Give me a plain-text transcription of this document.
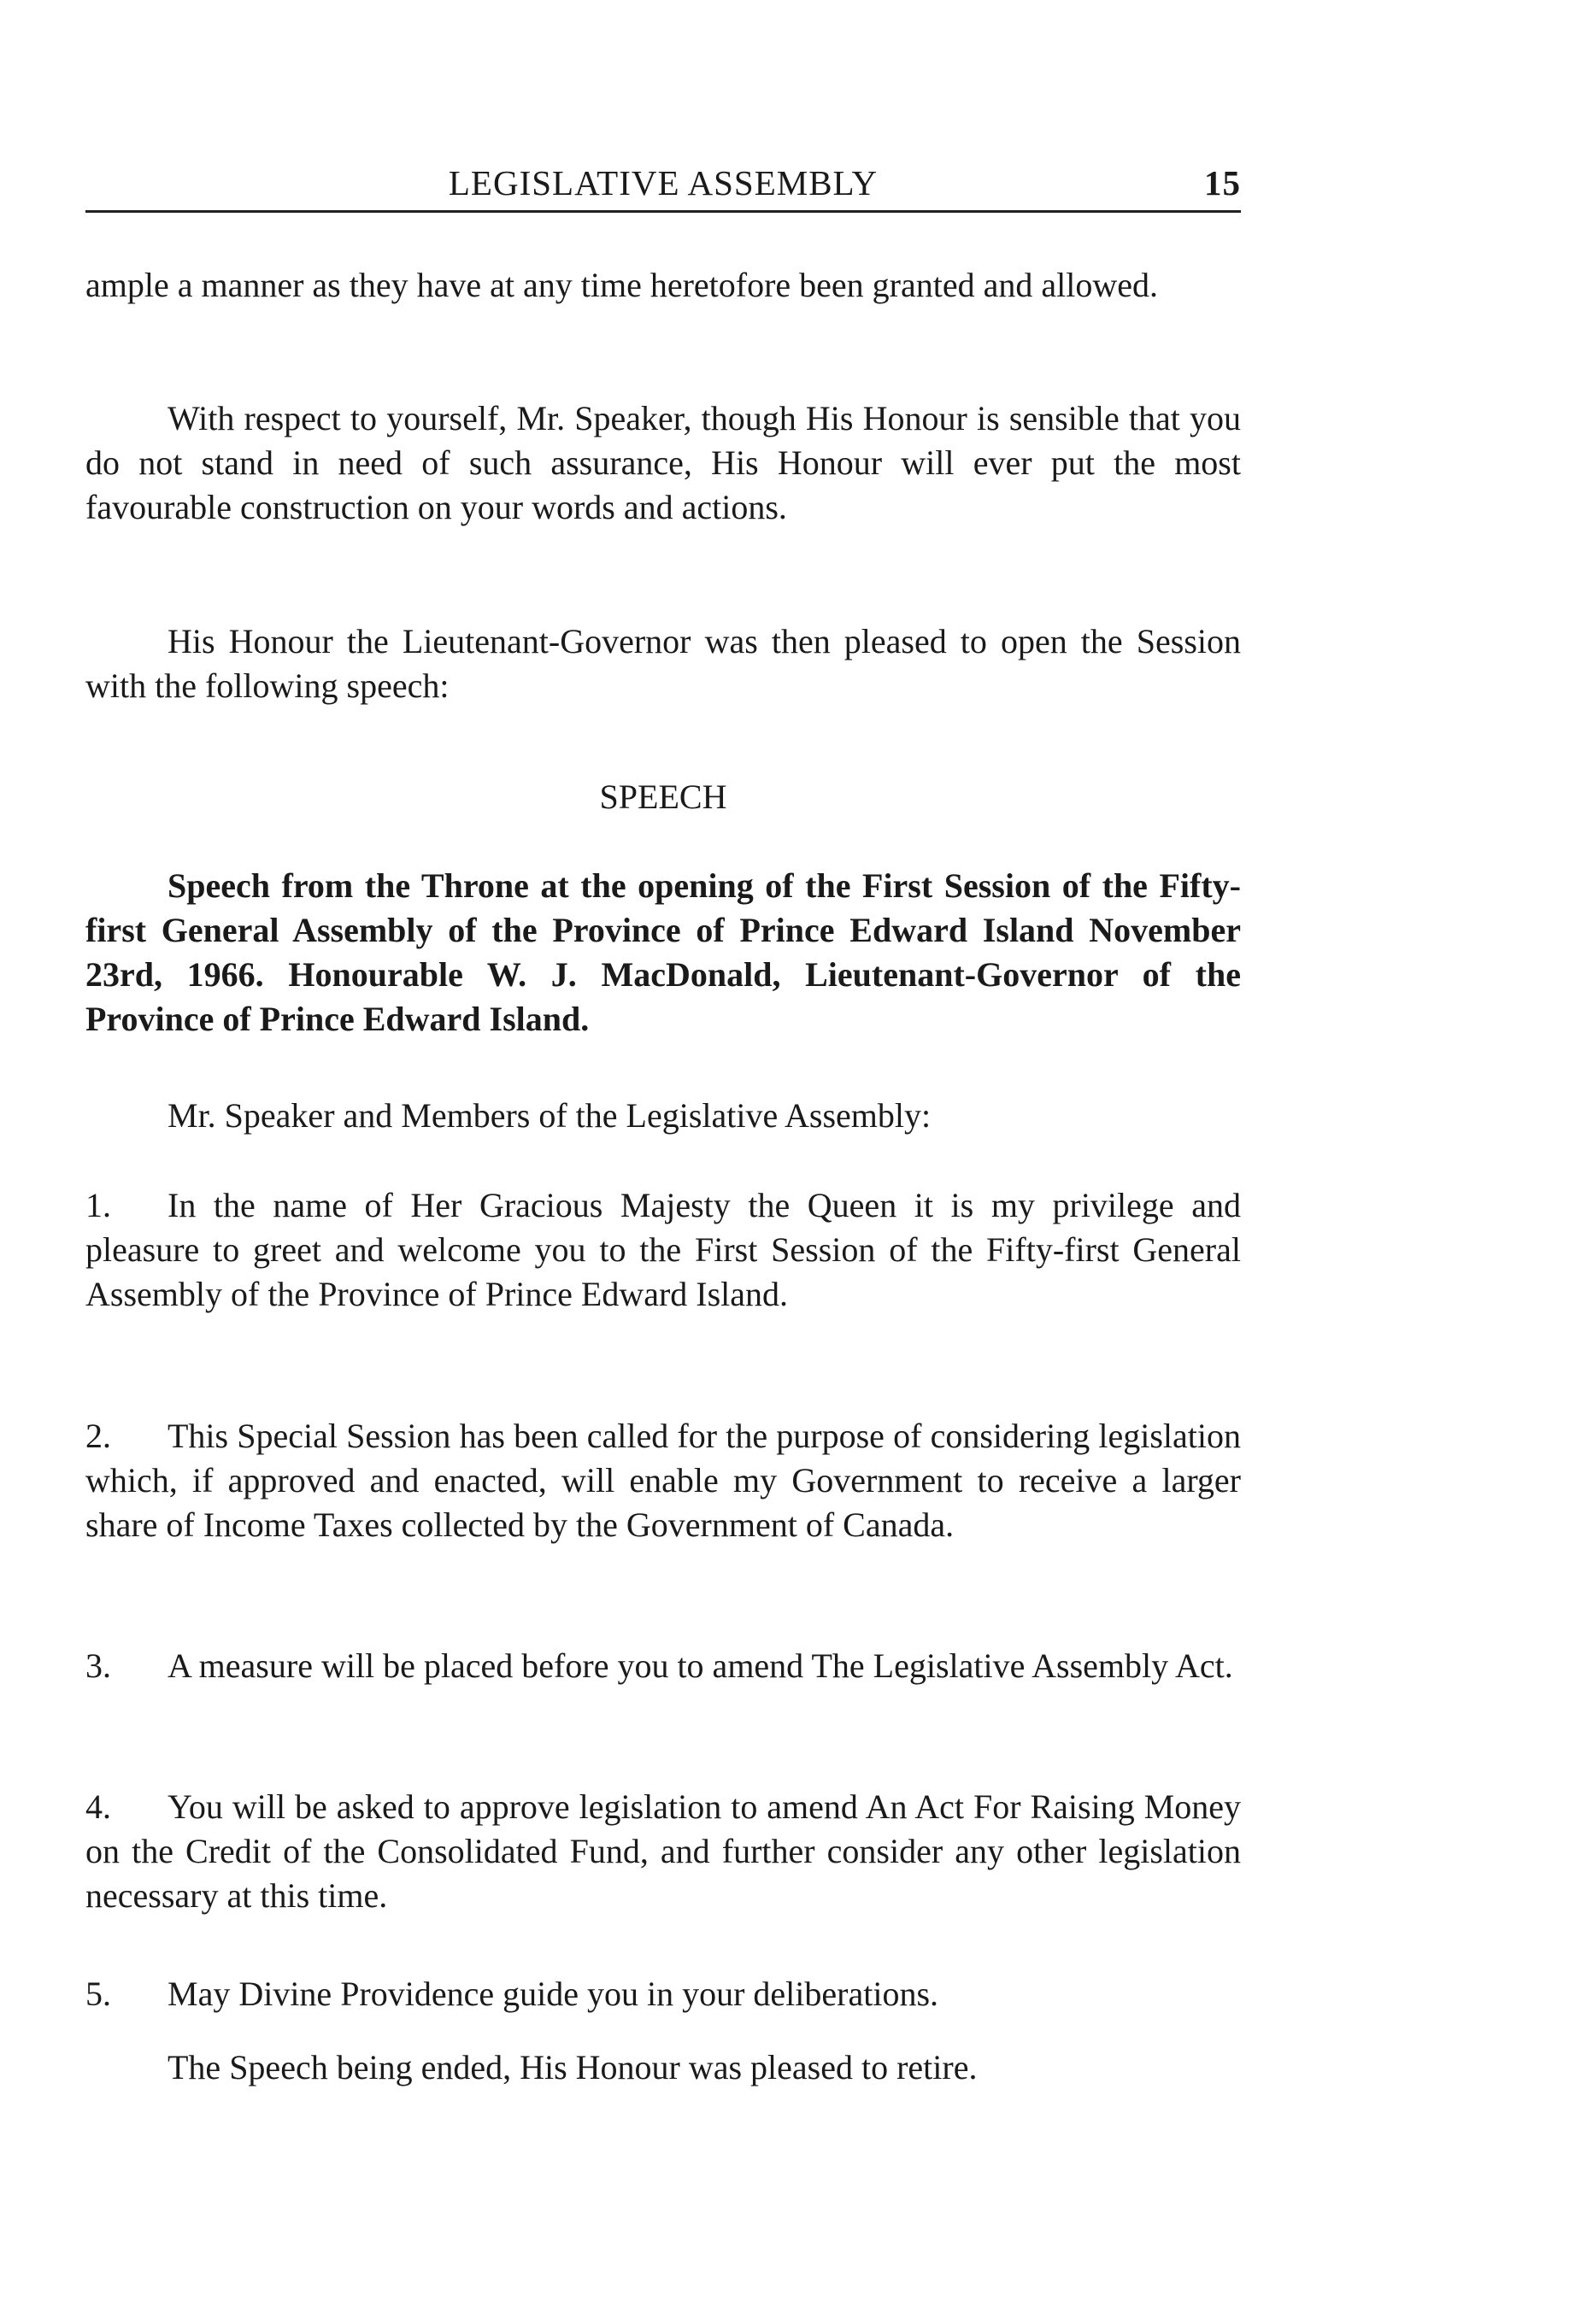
LEGISLATIVE ASSEMBLY	15

ample a manner as they have at any time heretofore been granted and allowed.

With respect to yourself, Mr. Speaker, though His Honour is sensible that you do not stand in need of such assurance, His Honour will ever put the most favourable construction on your words and actions.

His Honour the Lieutenant-Governor was then pleased to open the Session with the following speech:

SPEECH

Speech from the Throne at the opening of the First Session of the Fifty-first General Assembly of the Province of Prince Edward Island November 23rd, 1966. Honourable W. J. MacDonald, Lieutenant-Governor of the Province of Prince Edward Island.

Mr. Speaker and Members of the Legislative Assembly:

1. In the name of Her Gracious Majesty the Queen it is my privilege and pleasure to greet and welcome you to the First Session of the Fifty-first General Assembly of the Province of Prince Edward Island.

2. This Special Session has been called for the purpose of considering legislation which, if approved and enacted, will enable my Government to receive a larger share of Income Taxes collected by the Government of Canada.

3. A measure will be placed before you to amend The Legislative Assembly Act.

4. You will be asked to approve legislation to amend An Act For Raising Money on the Credit of the Consolidated Fund, and further consider any other legislation necessary at this time.

5. May Divine Providence guide you in your deliberations.

The Speech being ended, His Honour was pleased to retire.
